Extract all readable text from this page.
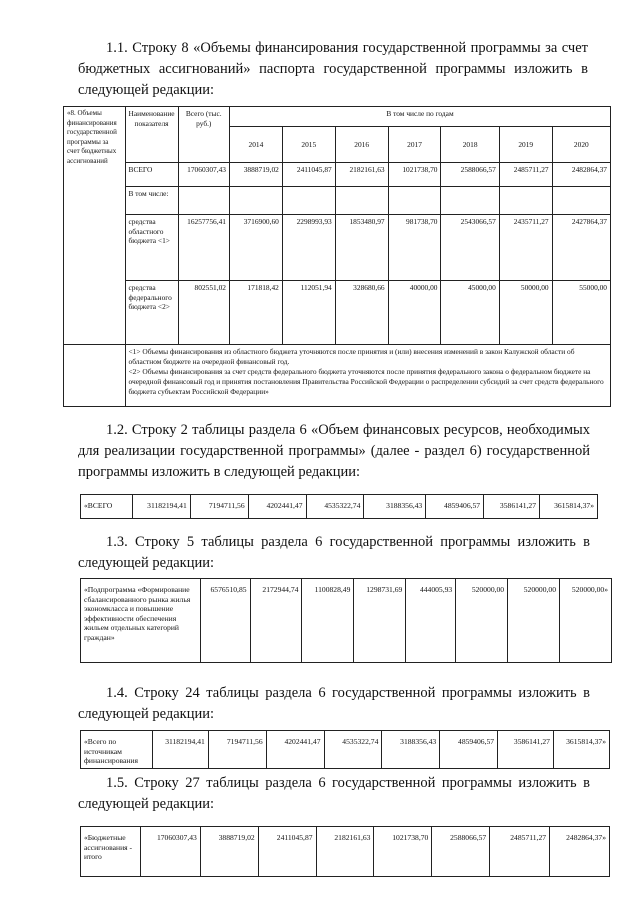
1.1. Строку 8 «Объемы финансирования государственной программы за счет бюджетных ассигнований» паспорта государственной программы изложить в следующей редакции:
«8. Объемы финансирования государственной программы за счет бюджетных ассигнований	Наименование показателя	Всего (тыс. руб.)	В том числе по годам						
			2014	2015	2016	2017	2018	2019	2020
	ВСЕГО	17060307,43	3888719,02	2411045,87	2182161,63	1021738,70	2588066,57	2485711,27	2482864,37
	В том числе:								
	средства областного бюджета <1>	16257756,41	3716900,60	2298993,93	1853480,97	981738,70	2543066,57	2435711,27	2427864,37
	средства федерального бюджета <2>	802551,02	171818,42	112051,94	328680,66	40000,00	45000,00	50000,00	55000,00

	<1> Объемы финансирования из областного бюджета уточняются после принятия и (или) внесения изменений в закон Калужской области об областном бюджете на очередной финансовый год.
<2> Объемы финансирования за счет средств федерального бюджета уточняются после принятия федерального закона о федеральном бюджете на очередной финансовый год и принятия постановления Правительства Российской Федерации о распределении субсидий за счет средств федерального бюджета субъектам Российской Федерации»								
1.2. Строку 2 таблицы раздела 6 «Объем финансовых ресурсов, необходимых для реализации государственной программы» (далее - раздел 6) государственной программы изложить в следующей редакции:
«ВСЕГО	31182194,41	7194711,56	4202441,47	4535322,74	3188356,43	4859406,57	3586141,27	3615814,37»
1.3. Строку 5 таблицы раздела 6 государственной программы изложить в следующей редакции:
«Подпрограмма «Формирование сбалансированного рынка жилья экономкласса и повышение эффективности обеспечения жильем отдельных категорий граждан»	6576510,85	2172944,74	1100828,49	1298731,69	444005,93	520000,00	520000,00	520000,00»
1.4. Строку 24 таблицы раздела 6 государственной программы изложить в следующей редакции:
«Всего по источникам финансирования	31182194,41	7194711,56	4202441,47	4535322,74	3188356,43	4859406,57	3586141,27	3615814,37»
1.5. Строку 27 таблицы раздела 6 государственной программы изложить в следующей редакции:
«Бюджетные ассигнования - итого	17060307,43	3888719,02	2411045,87	2182161,63	1021738,70	2588066,57	2485711,27	2482864,37»
